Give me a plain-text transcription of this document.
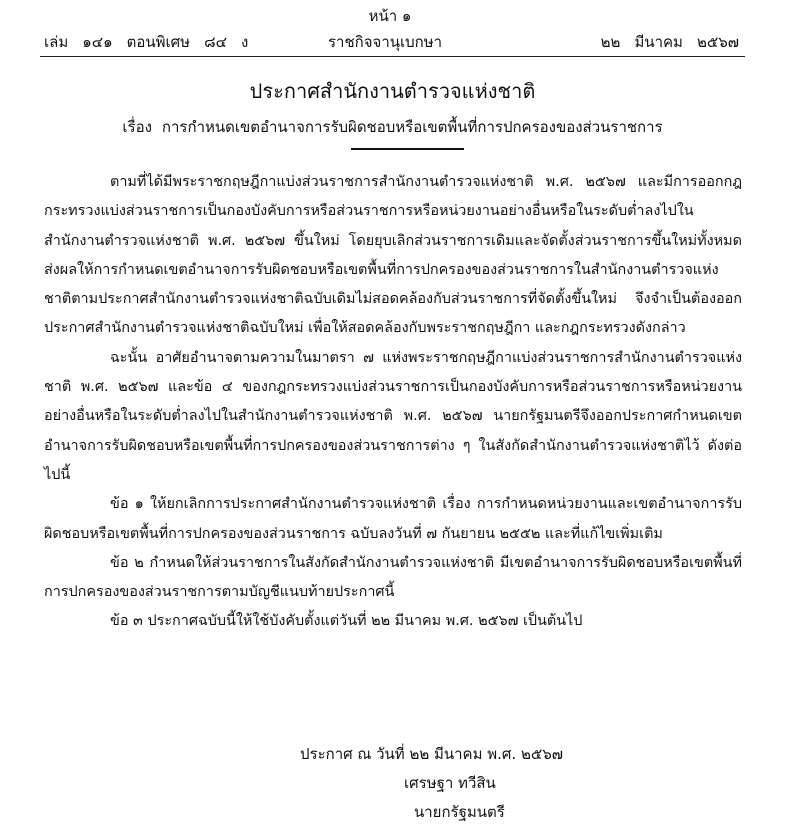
หน้า ๑
เล่ม ๑๔๑ ตอนพิเศษ ๘๔ ง	ราชกิจจานุเบกษา	๒๒ มีนาคม ๒๕๖๗
ประกาศสำนักงานตำรวจแห่งชาติ
เรื่อง การกำหนดเขตอำนาจการรับผิดชอบหรือเขตพื้นที่การปกครองของส่วนราชการ

ตามที่ได้มีพระราชกฤษฎีกาแบ่งส่วนราชการสำนักงานตำรวจแห่งชาติ พ.ศ. ๒๕๖๗ และมีการออกกฎกระทรวงแบ่งส่วนราชการเป็นกองบังคับการหรือส่วนราชการหรือหน่วยงานอย่างอื่นหรือในระดับต่ำลงไปในสำนักงานตำรวจแห่งชาติ พ.ศ. ๒๕๖๗ ขึ้นใหม่ โดยยุบเลิกส่วนราชการเดิมและจัดตั้งส่วนราชการขึ้นใหม่ทั้งหมด ส่งผลให้การกำหนดเขตอำนาจการรับผิดชอบหรือเขตพื้นที่การปกครองของส่วนราชการในสำนักงานตำรวจแห่งชาติตามประกาศสำนักงานตำรวจแห่งชาติฉบับเดิมไม่สอดคล้องกับส่วนราชการที่จัดตั้งขึ้นใหม่ จึงจำเป็นต้องออกประกาศสำนักงานตำรวจแห่งชาติฉบับใหม่ เพื่อให้สอดคล้องกับพระราชกฤษฎีกา และกฎกระทรวงดังกล่าว

ฉะนั้น อาศัยอำนาจตามความในมาตรา ๗ แห่งพระราชกฤษฎีกาแบ่งส่วนราชการสำนักงานตำรวจแห่งชาติ พ.ศ. ๒๕๖๗ และข้อ ๔ ของกฎกระทรวงแบ่งส่วนราชการเป็นกองบังคับการหรือส่วนราชการหรือหน่วยงานอย่างอื่นหรือในระดับต่ำลงไปในสำนักงานตำรวจแห่งชาติ พ.ศ. ๒๕๖๗ นายกรัฐมนตรีจึงออกประกาศกำหนดเขตอำนาจการรับผิดชอบหรือเขตพื้นที่การปกครองของส่วนราชการต่าง ๆ ในสังกัดสำนักงานตำรวจแห่งชาติไว้ ดังต่อไปนี้

ข้อ ๑ ให้ยกเลิกการประกาศสำนักงานตำรวจแห่งชาติ เรื่อง การกำหนดหน่วยงานและเขตอำนาจการรับผิดชอบหรือเขตพื้นที่การปกครองของส่วนราชการ ฉบับลงวันที่ ๗ กันยายน ๒๕๕๒ และที่แก้ไขเพิ่มเติม

ข้อ ๒ กำหนดให้ส่วนราชการในสังกัดสำนักงานตำรวจแห่งชาติ มีเขตอำนาจการรับผิดชอบหรือเขตพื้นที่การปกครองของส่วนราชการตามบัญชีแนบท้ายประกาศนี้

ข้อ ๓ ประกาศฉบับนี้ให้ใช้บังคับตั้งแต่วันที่ ๒๒ มีนาคม พ.ศ. ๒๕๖๗ เป็นต้นไป

ประกาศ ณ วันที่ ๒๒ มีนาคม พ.ศ. ๒๕๖๗
เศรษฐา ทวีสิน
นายกรัฐมนตรี
